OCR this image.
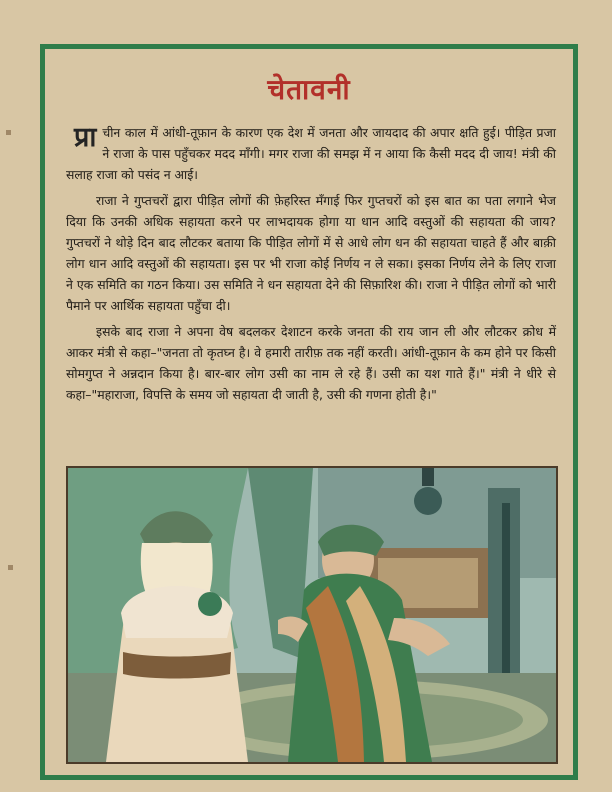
चेतावनी

प्रा चीन काल में आंधी-तूफ़ान के कारण एक देश में जनता और जायदाद की अपार क्षति हुई। पीड़ित प्रजा ने राजा के पास पहुँचकर मदद माँगी। मगर राजा की समझ में न आया कि कैसी मदद दी जाय! मंत्री की सलाह राजा को पसंद न आई।

राजा ने गुप्तचरों द्वारा पीड़ित लोगों की फ़ेहरिस्त मँगाई फिर गुप्तचरों को इस बात का पता लगाने भेज दिया कि उनकी अधिक सहायता करने पर लाभदायक होगा या धान आदि वस्तुओं की सहायता की जाय? गुप्तचरों ने थोड़े दिन बाद लौटकर बताया कि पीड़ित लोगों में से आधे लोग धन की सहायता चाहते हैं और बाक़ी लोग धान आदि वस्तुओं की सहायता। इस पर भी राजा कोई निर्णय न ले सका। इसका निर्णय लेने के लिए राजा ने एक समिति का गठन किया। उस समिति ने धन सहायता देने की सिफ़ारिश की। राजा ने पीड़ित लोगों को भारी पैमाने पर आर्थिक सहायता पहुँचा दी।

इसके बाद राजा ने अपना वेष बदलकर देशाटन करके जनता की राय जान ली और लौटकर क्रोध में आकर मंत्री से कहा–"जनता तो कृतघ्न है। वे हमारी तारीफ़ तक नहीं करती। आंधी-तूफ़ान के कम होने पर किसी सोमगुप्त ने अन्नदान किया है। बार-बार लोग उसी का नाम ले रहे हैं। उसी का यश गाते हैं।" मंत्री ने धीरे से कहा–"महाराजा, विपत्ति के समय जो सहायता दी जाती है, उसी की गणना होती है।"
